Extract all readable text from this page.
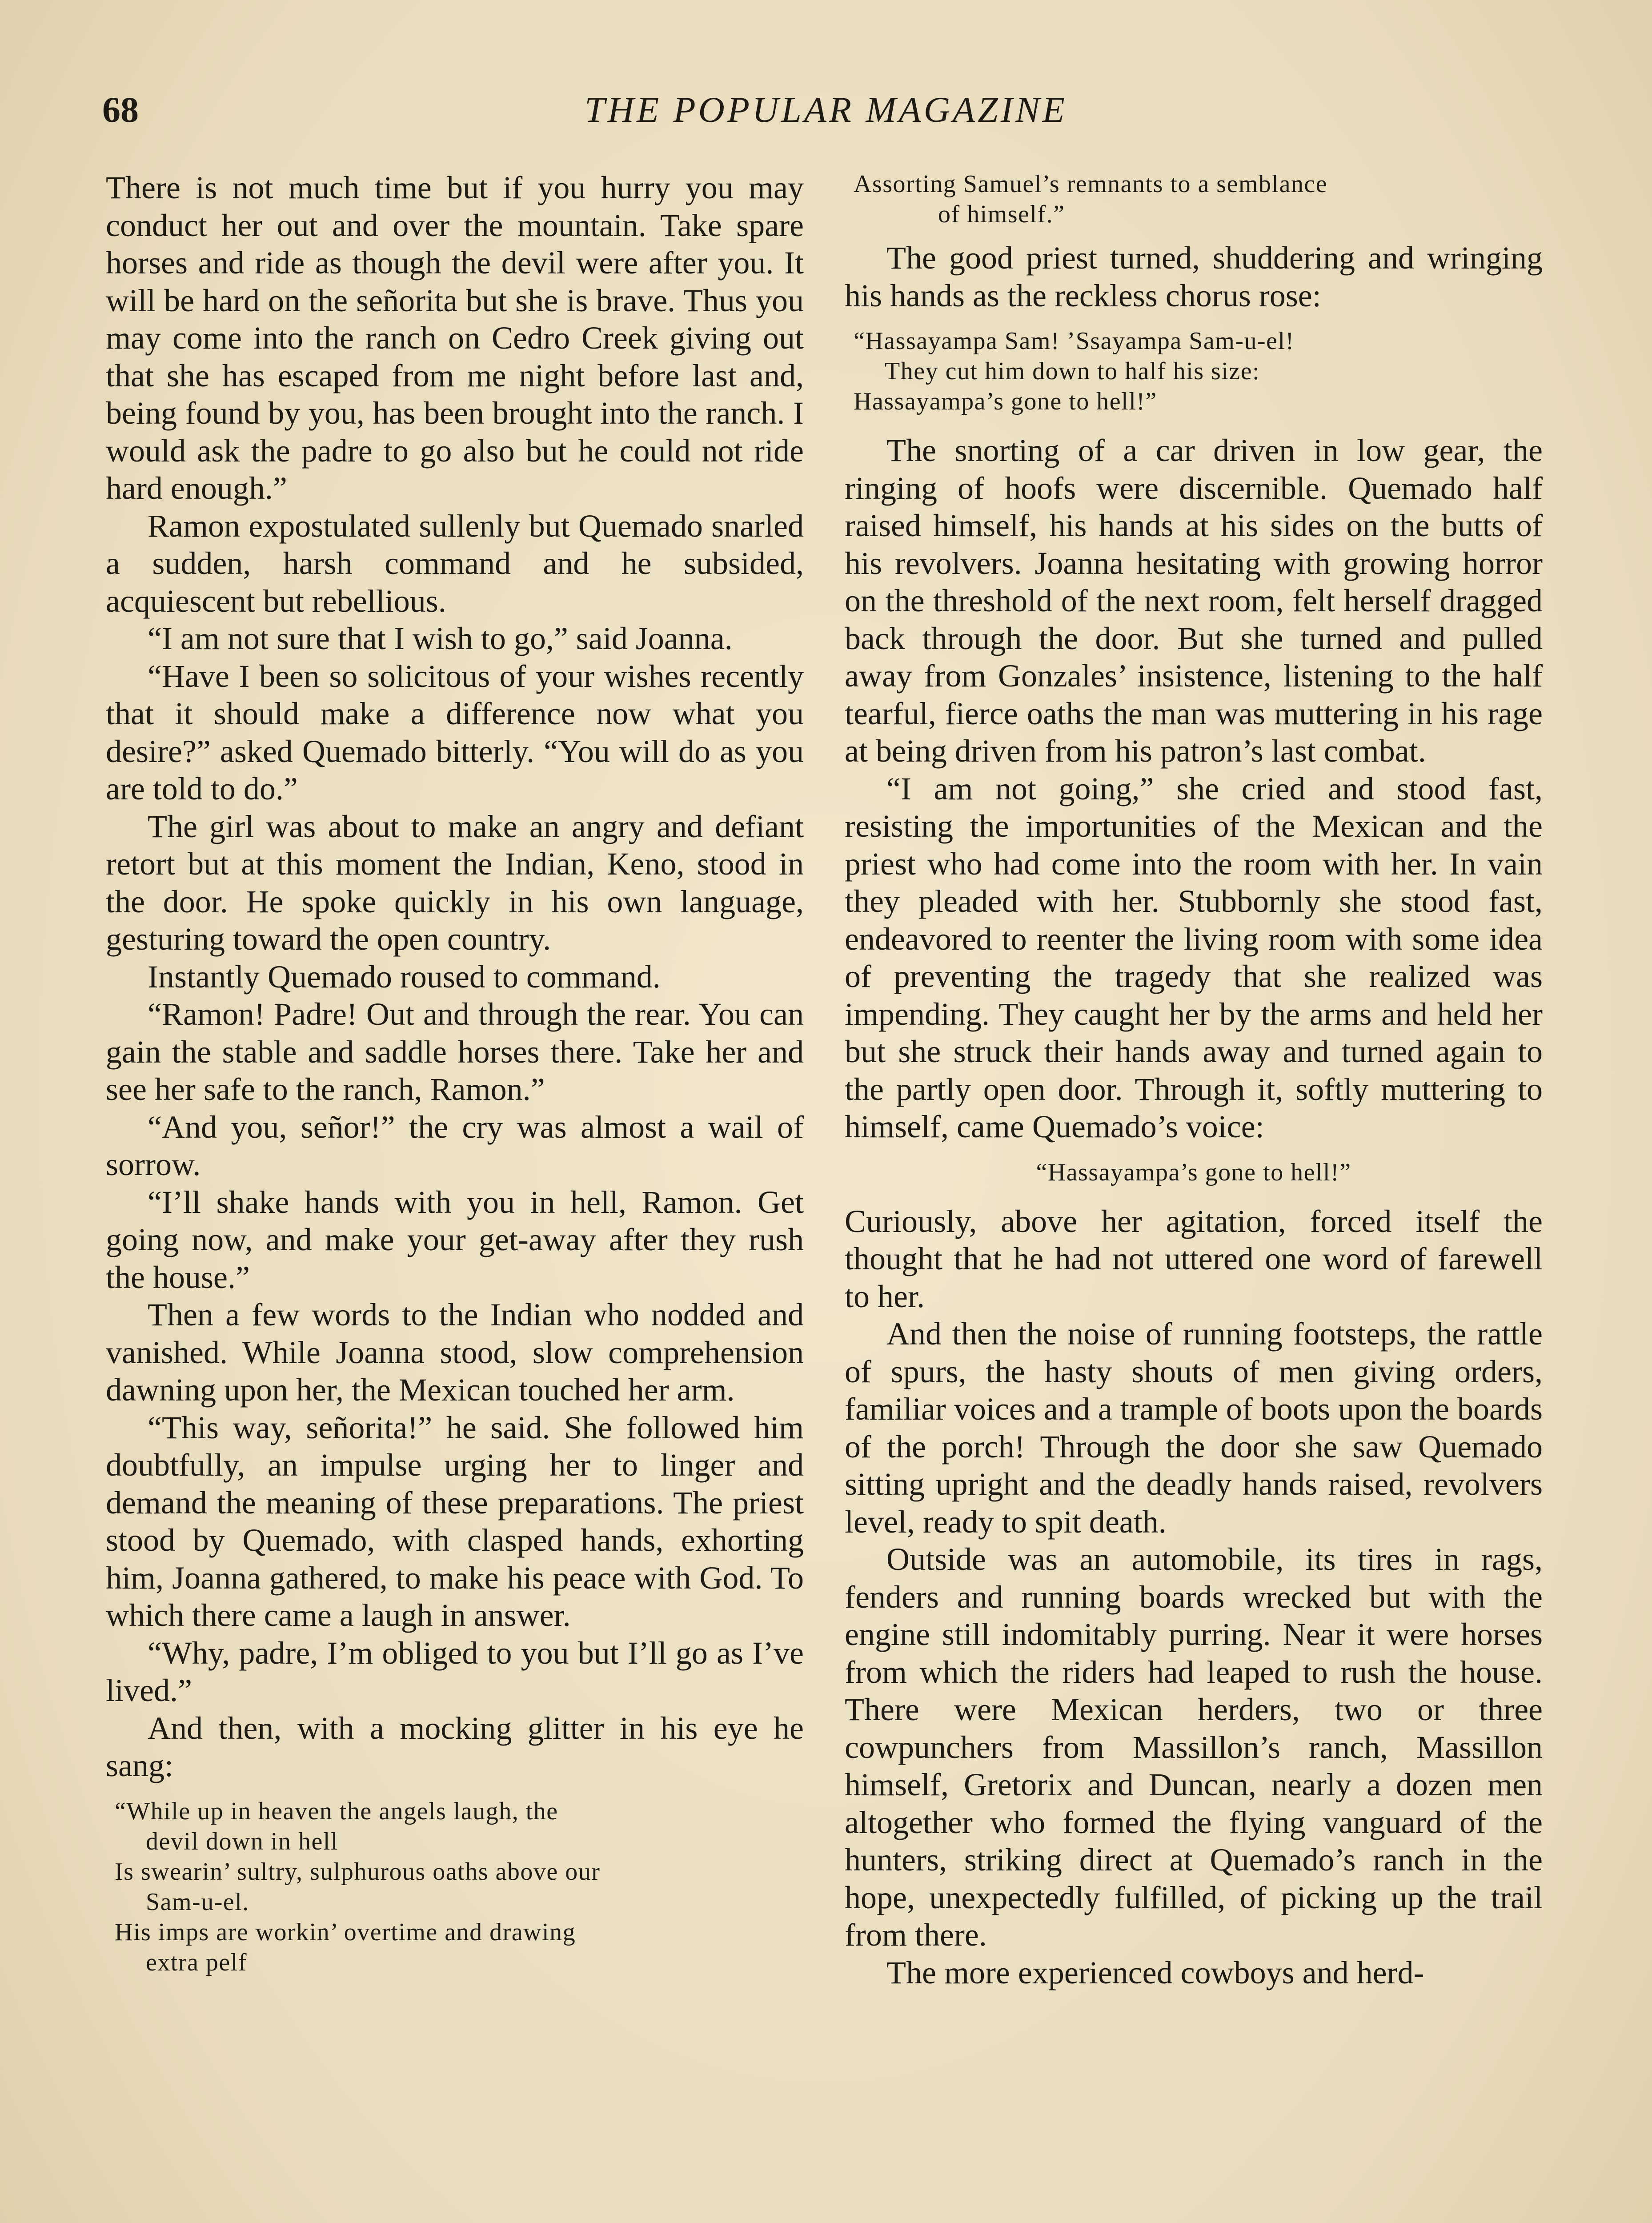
68	THE POPULAR MAGAZINE

There is not much time but if you hurry you may conduct her out and over the mountain. Take spare horses and ride as though the devil were after you. It will be hard on the señorita but she is brave. Thus you may come into the ranch on Cedro Creek giving out that she has escaped from me night before last and, being found by you, has been brought into the ranch. I would ask the padre to go also but he could not ride hard enough.”

Ramon expostulated sullenly but Quemado snarled a sudden, harsh command and he subsided, acquiescent but rebellious.

“I am not sure that I wish to go,” said Joanna.

“Have I been so solicitous of your wishes recently that it should make a difference now what you desire?” asked Quemado bitterly. “You will do as you are told to do.”

The girl was about to make an angry and defiant retort but at this moment the Indian, Keno, stood in the door. He spoke quickly in his own language, gesturing toward the open country.

Instantly Quemado roused to command.

“Ramon! Padre! Out and through the rear. You can gain the stable and saddle horses there. Take her and see her safe to the ranch, Ramon.”

“And you, señor!” the cry was almost a wail of sorrow.

“I’ll shake hands with you in hell, Ramon. Get going now, and make your get-away after they rush the house.”

Then a few words to the Indian who nodded and vanished. While Joanna stood, slow comprehension dawning upon her, the Mexican touched her arm.

“This way, señorita!” he said. She followed him doubtfully, an impulse urging her to linger and demand the meaning of these preparations. The priest stood by Quemado, with clasped hands, exhorting him, Joanna gathered, to make his peace with God. To which there came a laugh in answer.

“Why, padre, I’m obliged to you but I’ll go as I’ve lived.”

And then, with a mocking glitter in his eye he sang:

“While up in heaven the angels laugh, the
devil down in hell
Is swearin’ sultry, sulphurous oaths above our
Sam-u-el.
His imps are workin’ overtime and drawing
extra pelf
Assorting Samuel’s remnants to a semblance
of himself.”

The good priest turned, shuddering and wringing his hands as the reckless chorus rose:

“Hassayampa Sam! ’Ssayampa Sam-u-el!
They cut him down to half his size:
Hassayampa’s gone to hell!”

The snorting of a car driven in low gear, the ringing of hoofs were discernible. Quemado half raised himself, his hands at his sides on the butts of his revolvers. Joanna hesitating with growing horror on the threshold of the next room, felt herself dragged back through the door. But she turned and pulled away from Gonzales’ insistence, listening to the half tearful, fierce oaths the man was muttering in his rage at being driven from his patron’s last combat.

“I am not going,” she cried and stood fast, resisting the importunities of the Mexican and the priest who had come into the room with her. In vain they pleaded with her. Stubbornly she stood fast, endeavored to reenter the living room with some idea of preventing the tragedy that she realized was impending. They caught her by the arms and held her but she struck their hands away and turned again to the partly open door. Through it, softly muttering to himself, came Quemado’s voice:

“Hassayampa’s gone to hell!”

Curiously, above her agitation, forced itself the thought that he had not uttered one word of farewell to her.

And then the noise of running footsteps, the rattle of spurs, the hasty shouts of men giving orders, familiar voices and a trample of boots upon the boards of the porch! Through the door she saw Quemado sitting upright and the deadly hands raised, revolvers level, ready to spit death.

Outside was an automobile, its tires in rags, fenders and running boards wrecked but with the engine still indomitably purring. Near it were horses from which the riders had leaped to rush the house. There were Mexican herders, two or three cowpunchers from Massillon’s ranch, Massillon himself, Gretorix and Duncan, nearly a dozen men altogether who formed the flying vanguard of the hunters, striking direct at Quemado’s ranch in the hope, unexpectedly fulfilled, of picking up the trail from there.

The more experienced cowboys and herd-
